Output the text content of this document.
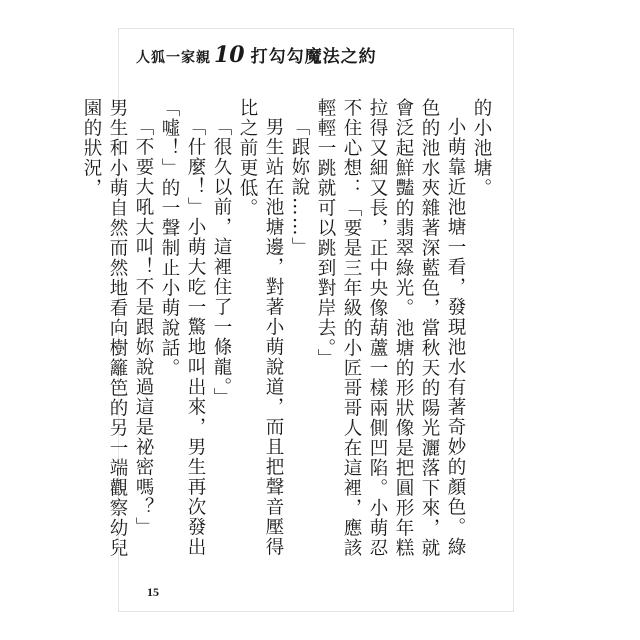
人狐一家親 10 打勾勾魔法之約

的小池塘。

小萌靠近池塘一看，發現池水有著奇妙的顏色。綠色的池水夾雜著深藍色，當秋天的陽光灑落下來，就會泛起鮮豔的翡翠綠光。池塘的形狀像是把圓形年糕拉得又細又長，正中央像葫蘆一樣兩側凹陷。小萌忍不住心想：「要是三年級的小匠哥哥人在這裡，應該輕輕一跳就可以跳到對岸去。」

「跟妳說……」

男生站在池塘邊，對著小萌說道，而且把聲音壓得比之前更低。

「很久以前，這裡住了一條龍。」

「什麼！」小萌大吃一驚地叫出來，男生再次發出「噓！」的一聲制止小萌說話。

「不要大吼大叫！不是跟妳說過這是祕密嗎？」

男生和小萌自然而然地看向樹籬笆的另一端觀察幼兒園的狀況，

15
